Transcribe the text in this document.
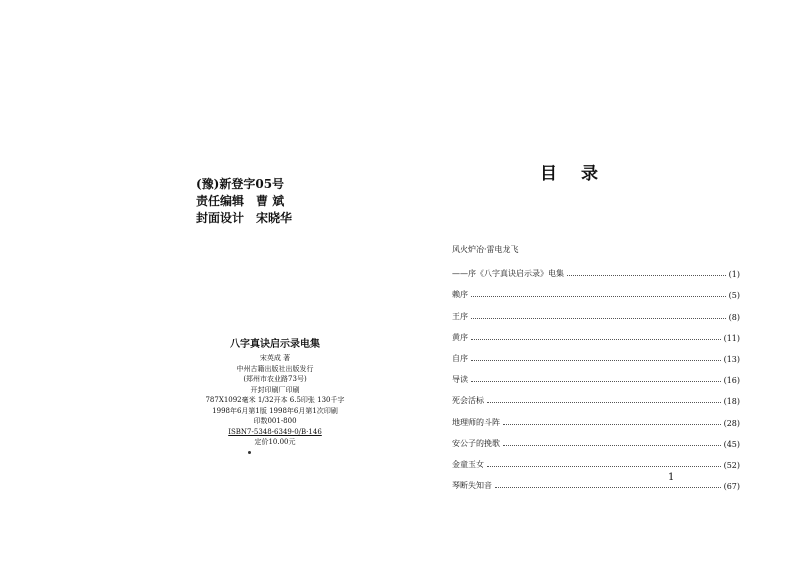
(豫)新登字05号
责任编辑 曹 斌
封面设计 宋晓华
八字真诀启示录电集
宋英成 著
中州古籍出版社出版发行
(郑州市农业路73号)
开封印刷厂印刷
787X1092毫米 1/32开本 6.5印张 130千字
1998年6月第1版 1998年6月第1次印刷
印数001-800
ISBN7-5348-6349-0/B·146
定价10.00元
目录
风火炉冶·雷电龙飞
——序《八字真诀启示录》电集	(1)
赖序	(5)
王序	(8)
黄序	(11)
自序	(13)
导读	(16)
死会活标	(18)
地理师的斗阵	(28)
安公子的挽歌	(45)
金童玉女	(52)
琴断失知音	(67)
1
